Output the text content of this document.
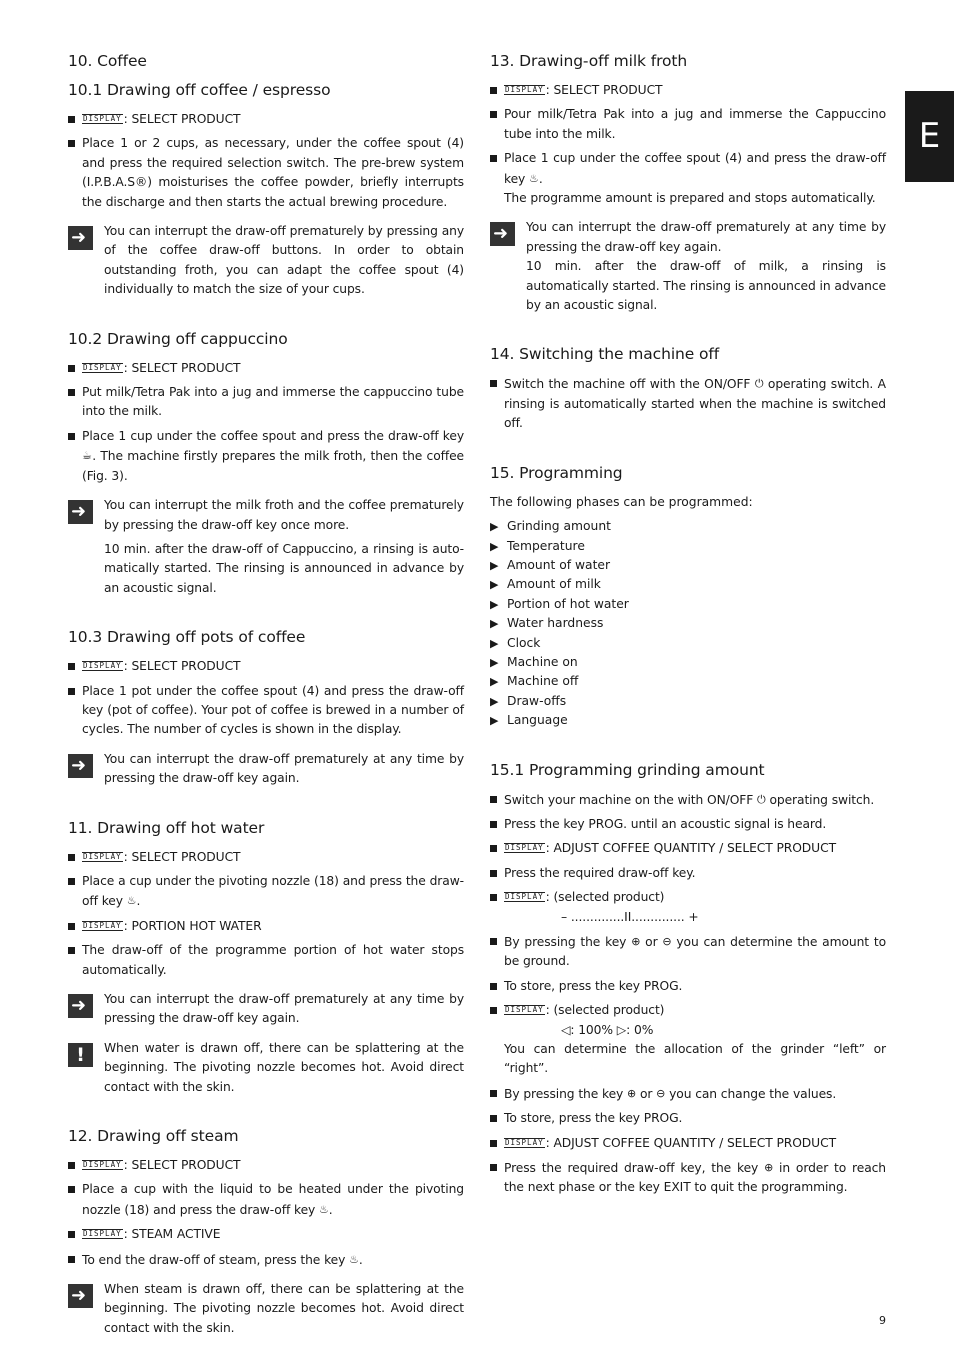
E
10. Coffee
10.1 Drawing off coffee / espresso
DISPLAY : SELECT PRODUCT
Place 1 or 2 cups, as necessary, under the coffee spout (4) and press the required selection switch. The pre-brew system (I.P.B.A.S®) moisturises the coffee powder, briefly interrupts the discharge and then starts the actual brewing procedure.
➜

You can interrupt the draw-off prematurely by pressing any of the coffee draw-off buttons. In order to obtain outstanding froth, you can adapt the coffee spout (4) individually to match the size of your cups.

10.2 Drawing off cappuccino
DISPLAY : SELECT PRODUCT
Put milk/Tetra Pak into a jug and immerse the cappuccino tube into the milk.
Place 1 cup under the coffee spout and press the draw-off key ☕. The machine firstly prepares the milk froth, then the coffee (Fig. 3).
➜

You can interrupt the milk froth and the coffee prematurely by pressing the draw-off key once more.

10 min. after the draw-off of Cappuccino, a rinsing is automatically started. The rinsing is announced in advance by an acoustic signal.

10.3 Drawing off pots of coffee
DISPLAY : SELECT PRODUCT
Place 1 pot under the coffee spout (4) and press the draw-off key (pot of coffee). Your pot of coffee is brewed in a number of cycles. The number of cycles is shown in the display.
➜

You can interrupt the draw-off prematurely at any time by pressing the draw-off key again.

11. Drawing off hot water
DISPLAY : SELECT PRODUCT
Place a cup under the pivoting nozzle (18) and press the draw-off key ♨.
DISPLAY : PORTION HOT WATER
The draw-off of the programme portion of hot water stops automatically.
➜

You can interrupt the draw-off prematurely at any time by pressing the draw-off key again.

!	When water is drawn off, there can be splattering at the beginning. The pivoting nozzle becomes hot. Avoid direct contact with the skin.

12. Drawing off steam
DISPLAY : SELECT PRODUCT
Place a cup with the liquid to be heated under the pivoting nozzle (18) and press the draw-off key ♨.
DISPLAY : STEAM ACTIVE
To end the draw-off of steam, press the key ♨.
➜

When steam is drawn off, there can be splattering at the beginning. The pivoting nozzle becomes hot. Avoid direct contact with the skin.

13. Drawing-off milk froth
DISPLAY : SELECT PRODUCT
Pour milk/Tetra Pak into a jug and immerse the Cappuccino tube into the milk.
Place 1 cup under the coffee spout (4) and press the draw-off key ♨.
The programme amount is prepared and stops automatically.
➜

You can interrupt the draw-off prematurely at any time by pressing the draw-off key again.

10 min. after the draw-off of milk, a rinsing is automatically started. The rinsing is announced in advance by an acoustic signal.

14. Switching the machine off
Switch the machine off with the ON/OFF ⏻ operating switch. A rinsing is automatically started when the machine is switched off.
15. Programming
The following phases can be programmed:
▶ Grinding amount
▶ Temperature
▶ Amount of water
▶ Amount of milk
▶ Portion of hot water
▶ Water hardness
▶ Clock
▶ Machine on
▶ Machine off
▶ Draw-offs
▶ Language
15.1 Programming grinding amount
Switch your machine on the with ON/OFF ⏻ operating switch.
Press the key PROG. until an acoustic signal is heard.
DISPLAY : ADJUST COFFEE QUANTITY / SELECT PRODUCT
Press the required draw-off key.
DISPLAY : (selected product)
– ..............II.............. +
By pressing the key ⊕ or ⊖ you can determine the amount to be ground.
To store, press the key PROG.
DISPLAY : (selected product)
◁: 100% ▷: 0%
You can determine the allocation of the grinder “left” or “right”.
By pressing the key ⊕ or ⊖ you can change the values.
To store, press the key PROG.
DISPLAY : ADJUST COFFEE QUANTITY / SELECT PRODUCT
Press the required draw-off key, the key ⊕ in order to reach the next phase or the key EXIT to quit the programming.
9
